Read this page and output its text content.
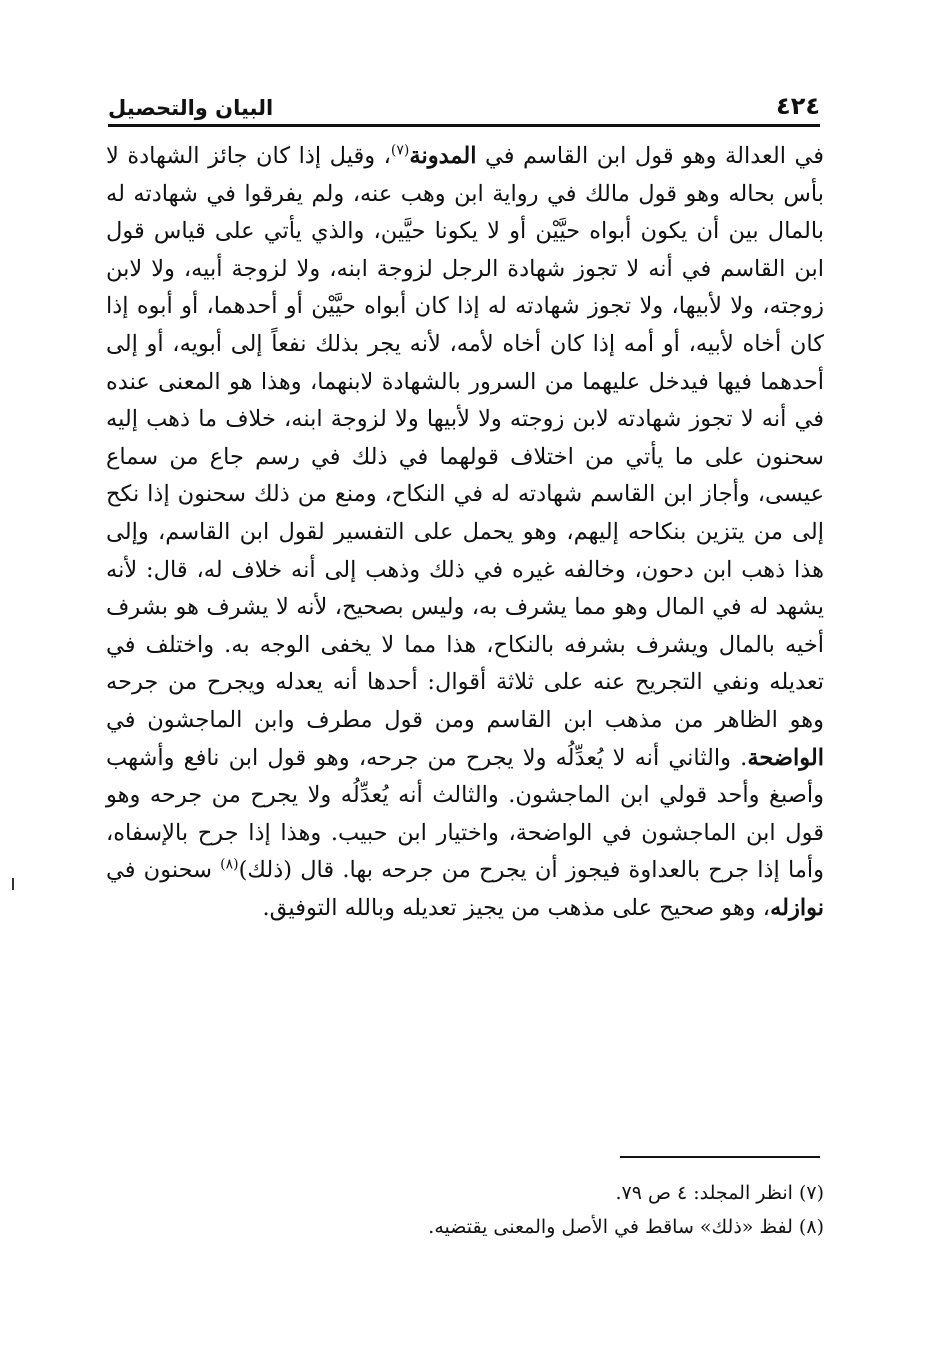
٤٢٤
البيان والتحصيل
في العدالة وهو قول ابن القاسم في المدونة$^{(٧)}$، وقيل إذا كان جائز الشهادة لا بأس بحاله وهو قول مالك في رواية ابن وهب عنه، ولم يفرقوا في شهادته له بالمال بين أن يكون أبواه حيَّيْن أو لا يكونا حيَّين، والذي يأتي على قياس قول ابن القاسم في أنه لا تجوز شهادة الرجل لزوجة ابنه، ولا لزوجة أبيه، ولا لابن زوجته، ولا لأبيها، ولا تجوز شهادته له إذا كان أبواه حيَّيْن أو أحدهما، أو أبوه إذا كان أخاه لأبيه، أو أمه إذا كان أخاه لأمه، لأنه يجر بذلك نفعاً إلى أبويه، أو إلى أحدهما فيها فيدخل عليهما من السرور بالشهادة لابنهما، وهذا هو المعنى عنده في أنه لا تجوز شهادته لابن زوجته ولا لأبيها ولا لزوجة ابنه، خلاف ما ذهب إليه سحنون على ما يأتي من اختلاف قولهما في ذلك في رسم جاع من سماع عيسى، وأجاز ابن القاسم شهادته له في النكاح، ومنع من ذلك سحنون إذا نكح إلى من يتزين بنكاحه إليهم، وهو يحمل على التفسير لقول ابن القاسم، وإلى هذا ذهب ابن دحون، وخالفه غيره في ذلك وذهب إلى أنه خلاف له، قال: لأنه يشهد له في المال وهو مما يشرف به، وليس بصحيح، لأنه لا يشرف هو بشرف أخيه بالمال ويشرف بشرفه بالنكاح، هذا مما لا يخفى الوجه به. واختلف في تعديله ونفي التجريح عنه على ثلاثة أقوال: أحدها أنه يعدله ويجرح من جرحه وهو الظاهر من مذهب ابن القاسم ومن قول مطرف وابن الماجشون في الواضحة. والثاني أنه لا يُعدِّلُه ولا يجرح من جرحه، وهو قول ابن نافع وأشهب وأصبغ وأحد قولي ابن الماجشون. والثالث أنه يُعدِّلُه ولا يجرح من جرحه وهو قول ابن الماجشون في الواضحة، واختيار ابن حبيب. وهذا إذا جرح بالإسفاه، وأما إذا جرح بالعداوة فيجوز أن يجرح من جرحه بها. قال (ذلك)$^{(٨)}$ سحنون في نوازله، وهو صحيح على مذهب من يجيز تعديله وبالله التوفيق.
(٧) انظر المجلد: ٤ ص ٧٩.
(٨) لفظ «ذلك» ساقط في الأصل والمعنى يقتضيه.
